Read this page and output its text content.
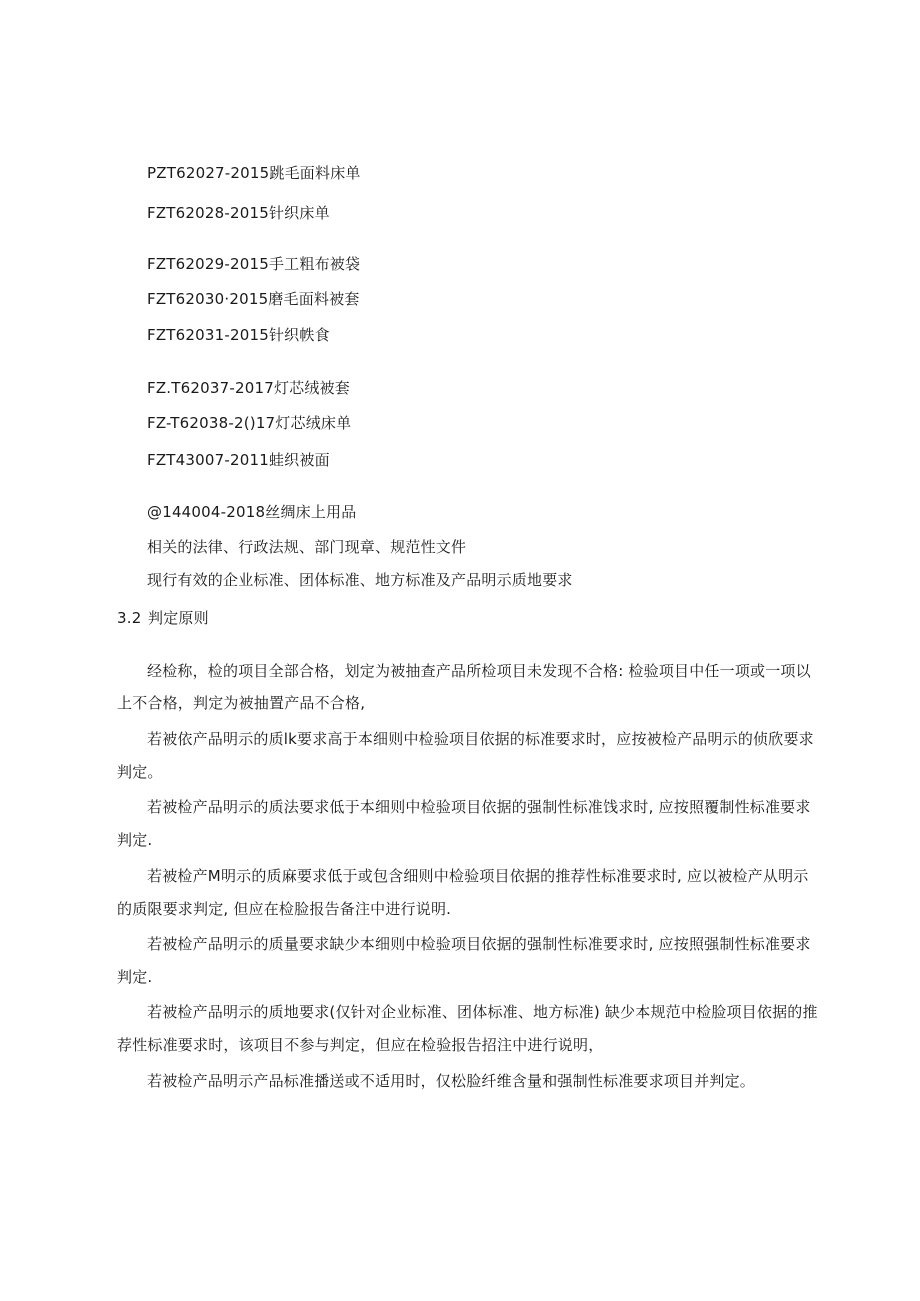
PZT62027-2015跳毛面料床单
FZT62028-2015针织床单
FZT62029-2015手工粗布被袋
FZT62030·2015磨毛面料被套
FZT62031-2015针织帙食
FZ.T62037-2017灯芯绒被套
FZ-T62038-2()17灯芯绒床单
FZT43007-2011蛙织被面
@144004-2018丝绸床上用品
相关的法律、行政法规、部门现章、规范性文件
现行有效的企业标准、团体标准、地方标准及产品明示质地要求
3.2 判定原则
经检称，检的项目全部合格，划定为被抽查产品所检项目未发现不合格: 检验项目中任一项或一项以
上不合格，判定为被抽置产品不合格,
若被依产品明示的质lk要求高于本细则中检验项目依据的标准要求时，应按被检产品明示的侦欣要求
判定。
若被检产品明示的质法要求低于本细则中检验项目依据的强制性标准饯求时, 应按照覆制性标准要求
判定.
若被检产M明示的质麻要求低于或包含细则中检验项目依据的推荐性标准要求时, 应以被检产从明示
的质限要求判定, 但应在检脸报告备注中进行说明.
若被检产品明示的质量要求缺少本细则中检验项目依据的强制性标准要求时, 应按照强制性标准要求
判定.
若被检产品明示的质地要求(仅针对企业标准、团体标准、地方标准) 缺少本规范中检脸项目依据的推
荐性标准要求时，该项目不参与判定，但应在检验报告招注中进行说明，
若被检产品明示产品标准播送或不适用时，仅松脸纤维含量和强制性标准要求项目并判定。
